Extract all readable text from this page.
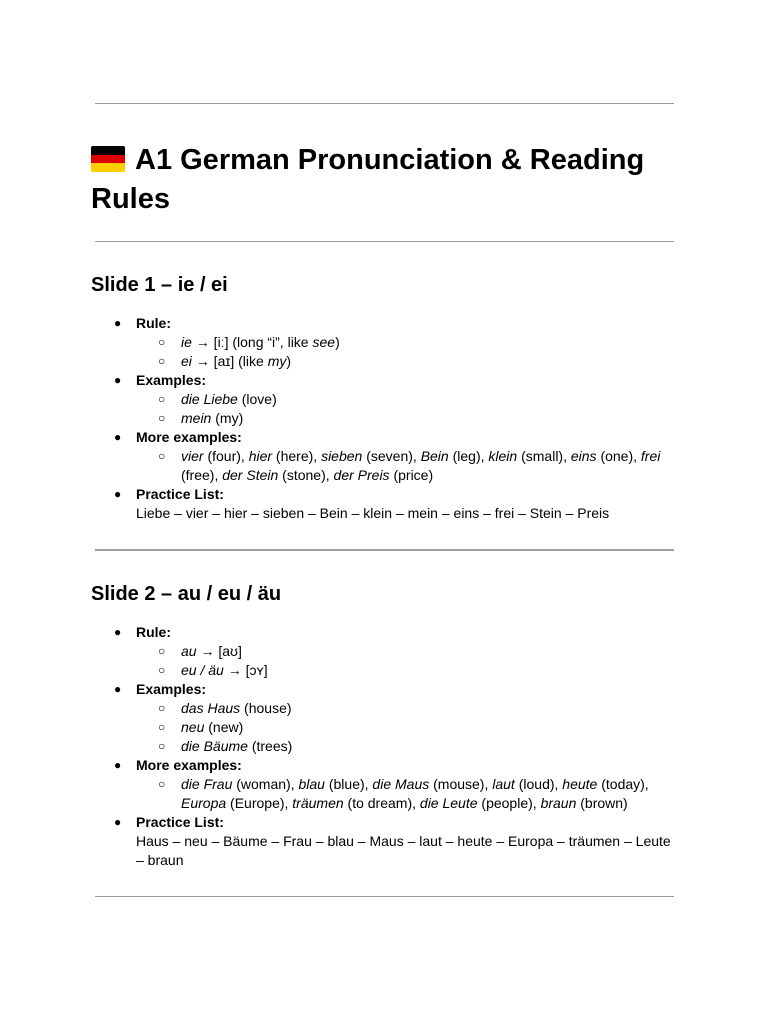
A1 German Pronunciation & Reading Rules
Slide 1 – ie / ei
● Rule:
○ ie → [iː] (long “i”, like see)
○ ei → [aɪ] (like my)
● Examples:
○ die Liebe (love)
○ mein (my)
● More examples:
○ vier (four), hier (here), sieben (seven), Bein (leg), klein (small), eins (one), frei (free), der Stein (stone), der Preis (price)
● Practice List:
Liebe – vier – hier – sieben – Bein – klein – mein – eins – frei – Stein – Preis
Slide 2 – au / eu / äu
● Rule:
○ au → [aʊ]
○ eu / äu → [ɔʏ]
● Examples:
○ das Haus (house)
○ neu (new)
○ die Bäume (trees)
● More examples:
○ die Frau (woman), blau (blue), die Maus (mouse), laut (loud), heute (today), Europa (Europe), träumen (to dream), die Leute (people), braun (brown)
● Practice List:
Haus – neu – Bäume – Frau – blau – Maus – laut – heute – Europa – träumen – Leute – braun
